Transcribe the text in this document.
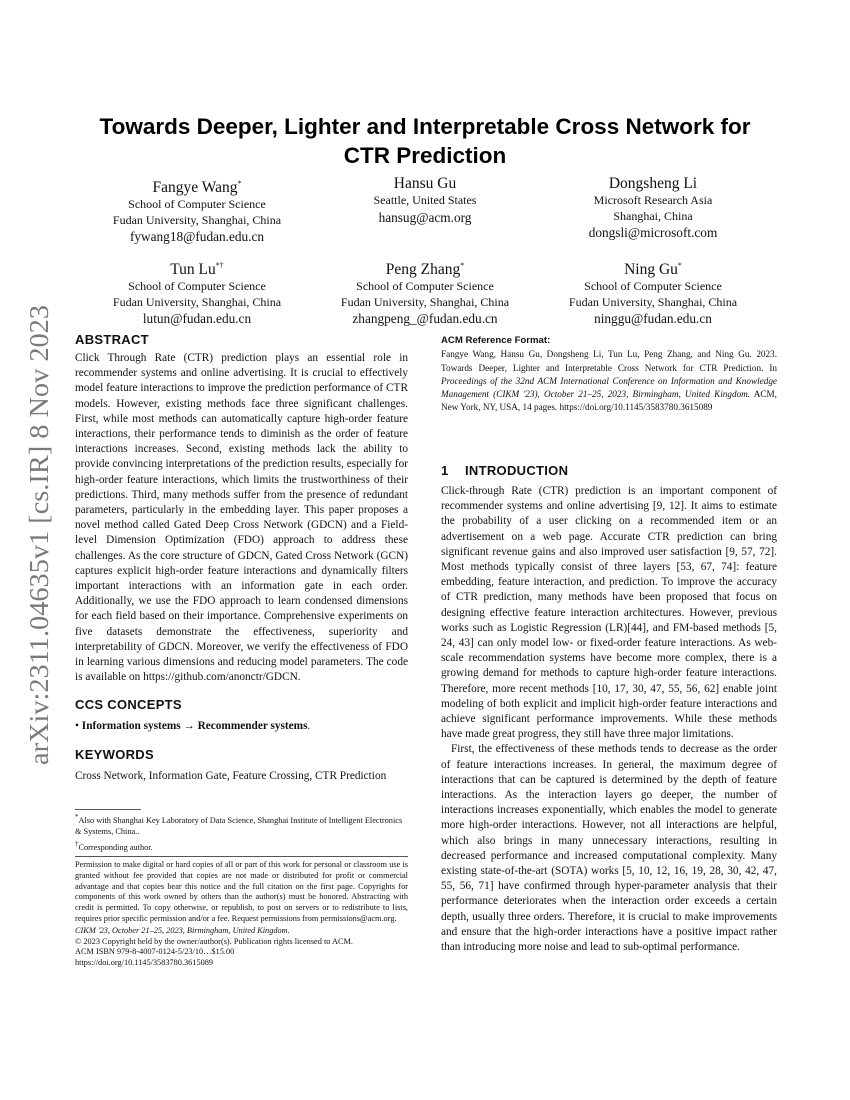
arXiv:2311.04635v1 [cs.IR] 8 Nov 2023
Towards Deeper, Lighter and Interpretable Cross Network for
CTR Prediction
Fangye Wang*
School of Computer Science
Fudan University, Shanghai, China
fywang18@fudan.edu.cn
Hansu Gu
Seattle, United States
hansug@acm.org
Dongsheng Li
Microsoft Research Asia
Shanghai, China
dongsli@microsoft.com
Tun Lu*†
School of Computer Science
Fudan University, Shanghai, China
lutun@fudan.edu.cn
Peng Zhang*
School of Computer Science
Fudan University, Shanghai, China
zhangpeng_@fudan.edu.cn
Ning Gu*
School of Computer Science
Fudan University, Shanghai, China
ninggu@fudan.edu.cn
ABSTRACT

Click Through Rate (CTR) prediction plays an essential role in recommender systems and online advertising. It is crucial to effectively model feature interactions to improve the prediction performance of CTR models. However, existing methods face three significant challenges. First, while most methods can automatically capture high-order feature interactions, their performance tends to diminish as the order of feature interactions increases. Second, existing methods lack the ability to provide convincing interpretations of the prediction results, especially for high-order feature interactions, which limits the trustworthiness of their predictions. Third, many methods suffer from the presence of redundant parameters, particularly in the embedding layer. This paper proposes a novel method called Gated Deep Cross Network (GDCN) and a Field-level Dimension Optimization (FDO) approach to address these challenges. As the core structure of GDCN, Gated Cross Network (GCN) captures explicit high-order feature interactions and dynamically filters important interactions with an information gate in each order. Additionally, we use the FDO approach to learn condensed dimensions for each field based on their importance. Comprehensive experiments on five datasets demonstrate the effectiveness, superiority and interpretability of GDCN. Moreover, we verify the effectiveness of FDO in learning various dimensions and reducing model parameters. The code is available on https://github.com/anonctr/GDCN.

CCS CONCEPTS

• Information systems → Recommender systems.

KEYWORDS

Cross Network, Information Gate, Feature Crossing, CTR Prediction

*Also with Shanghai Key Laboratory of Data Science, Shanghai Institute of Intelligent Electronics & Systems, China..
†Corresponding author.

Permission to make digital or hard copies of all or part of this work for personal or classroom use is granted without fee provided that copies are not made or distributed for profit or commercial advantage and that copies bear this notice and the full citation on the first page. Copyrights for components of this work owned by others than the author(s) must be honored. Abstracting with credit is permitted. To copy otherwise, or republish, to post on servers or to redistribute to lists, requires prior specific permission and/or a fee. Request permissions from permissions@acm.org.

CIKM '23, October 21–25, 2023, Birmingham, United Kingdom.

© 2023 Copyright held by the owner/author(s). Publication rights licensed to ACM.

ACM ISBN 979-8-4007-0124-5/23/10…$15.00

https://doi.org/10.1145/3583780.3615089

ACM Reference Format:
Fangye Wang, Hansu Gu, Dongsheng Li, Tun Lu, Peng Zhang, and Ning Gu. 2023. Towards Deeper, Lighter and Interpretable Cross Network for CTR Prediction. In Proceedings of the 32nd ACM International Conference on Information and Knowledge Management (CIKM '23), October 21–25, 2023, Birmingham, United Kingdom. ACM, New York, NY, USA, 14 pages. https://doi.org/10.1145/3583780.3615089
1 INTRODUCTION

Click-through Rate (CTR) prediction is an important component of recommender systems and online advertising [9, 12]. It aims to estimate the probability of a user clicking on a recommended item or an advertisement on a web page. Accurate CTR prediction can bring significant revenue gains and also improved user satisfaction [9, 57, 72]. Most methods typically consist of three layers [53, 67, 74]: feature embedding, feature interaction, and prediction. To improve the accuracy of CTR prediction, many methods have been proposed that focus on designing effective feature interaction architectures. However, previous works such as Logistic Regression (LR)[44], and FM-based methods [5, 24, 43] can only model low- or fixed-order feature interactions. As web-scale recommendation systems have become more complex, there is a growing demand for methods to capture high-order feature interactions. Therefore, more recent methods [10, 17, 30, 47, 55, 56, 62] enable joint modeling of both explicit and implicit high-order feature interactions and achieve significant performance improvements. While these methods have made great progress, they still have three major limitations.

First, the effectiveness of these methods tends to decrease as the order of feature interactions increases. In general, the maximum degree of interactions that can be captured is determined by the depth of feature interactions. As the interaction layers go deeper, the number of interactions increases exponentially, which enables the model to generate more high-order interactions. However, not all interactions are helpful, which also brings in many unnecessary interactions, resulting in decreased performance and increased computational complexity. Many existing state-of-the-art (SOTA) works [5, 10, 12, 16, 19, 28, 30, 42, 47, 55, 56, 71] have confirmed through hyper-parameter analysis that their performance deteriorates when the interaction order exceeds a certain depth, usually three orders. Therefore, it is crucial to make improvements and ensure that the high-order interactions have a positive impact rather than introducing more noise and lead to sub-optimal performance.
